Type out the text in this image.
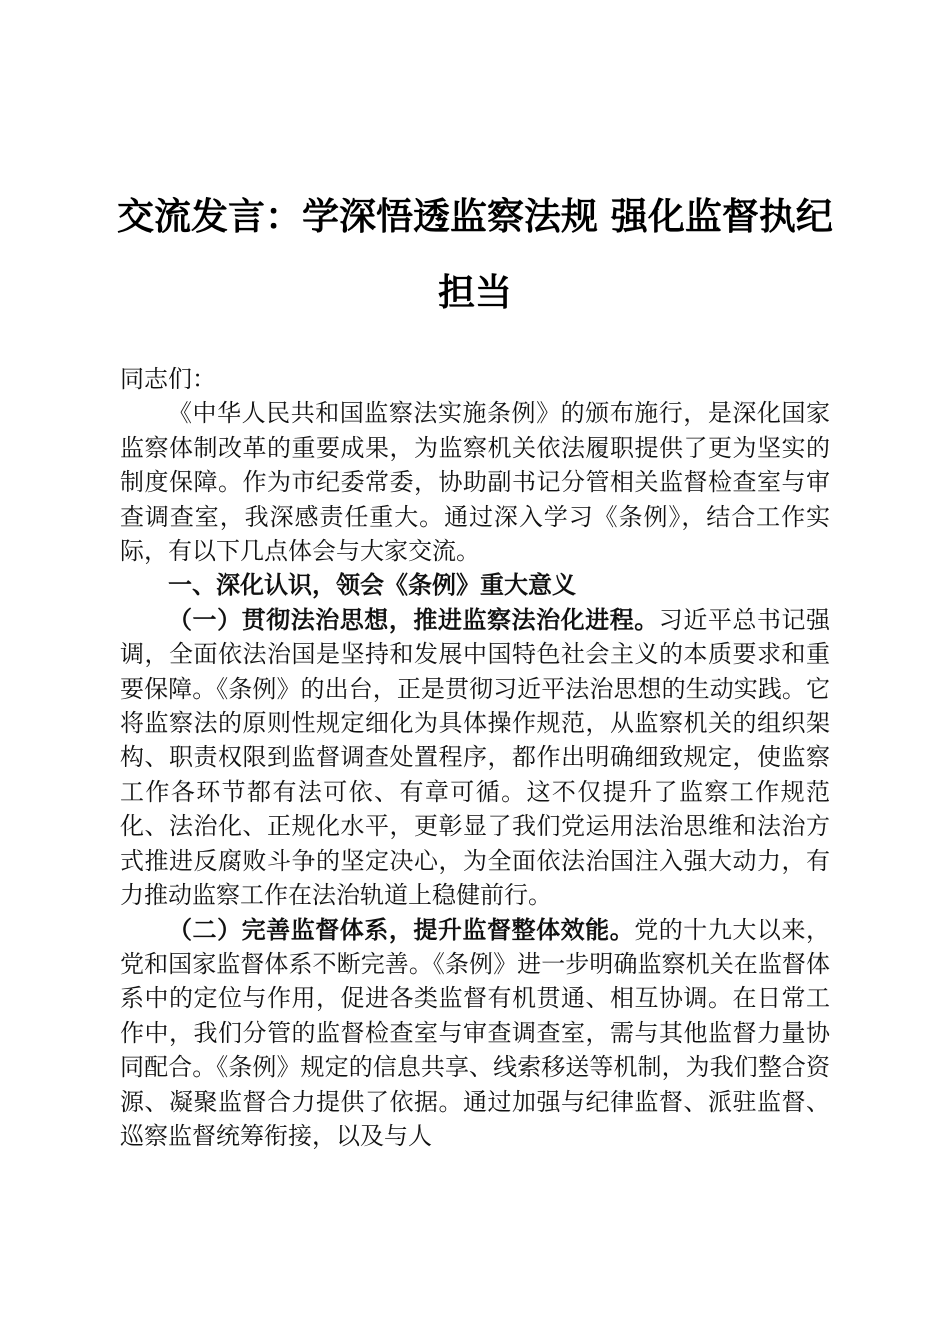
交流发言：学深悟透监察法规 强化监督执纪
担当

同志们：

《中华人民共和国监察法实施条例》的颁布施行，是深化国家监察体制改革的重要成果，为监察机关依法履职提供了更为坚实的制度保障。作为市纪委常委，协助副书记分管相关监督检查室与审查调查室，我深感责任重大。通过深入学习《条例》，结合工作实际，有以下几点体会与大家交流。

一、深化认识，领会《条例》重大意义

（一）贯彻法治思想，推进监察法治化进程。习近平总书记强调，全面依法治国是坚持和发展中国特色社会主义的本质要求和重要保障。《条例》的出台，正是贯彻习近平法治思想的生动实践。它将监察法的原则性规定细化为具体操作规范，从监察机关的组织架构、职责权限到监督调查处置程序，都作出明确细致规定，使监察工作各环节都有法可依、有章可循。这不仅提升了监察工作规范化、法治化、正规化水平，更彰显了我们党运用法治思维和法治方式推进反腐败斗争的坚定决心，为全面依法治国注入强大动力，有力推动监察工作在法治轨道上稳健前行。

（二）完善监督体系，提升监督整体效能。党的十九大以来，党和国家监督体系不断完善。《条例》进一步明确监察机关在监督体系中的定位与作用，促进各类监督有机贯通、相互协调。在日常工作中，我们分管的监督检查室与审查调查室，需与其他监督力量协同配合。《条例》规定的信息共享、线索移送等机制，为我们整合资源、凝聚监督合力提供了依据。通过加强与纪律监督、派驻监督、巡察监督统筹衔接，以及与人
